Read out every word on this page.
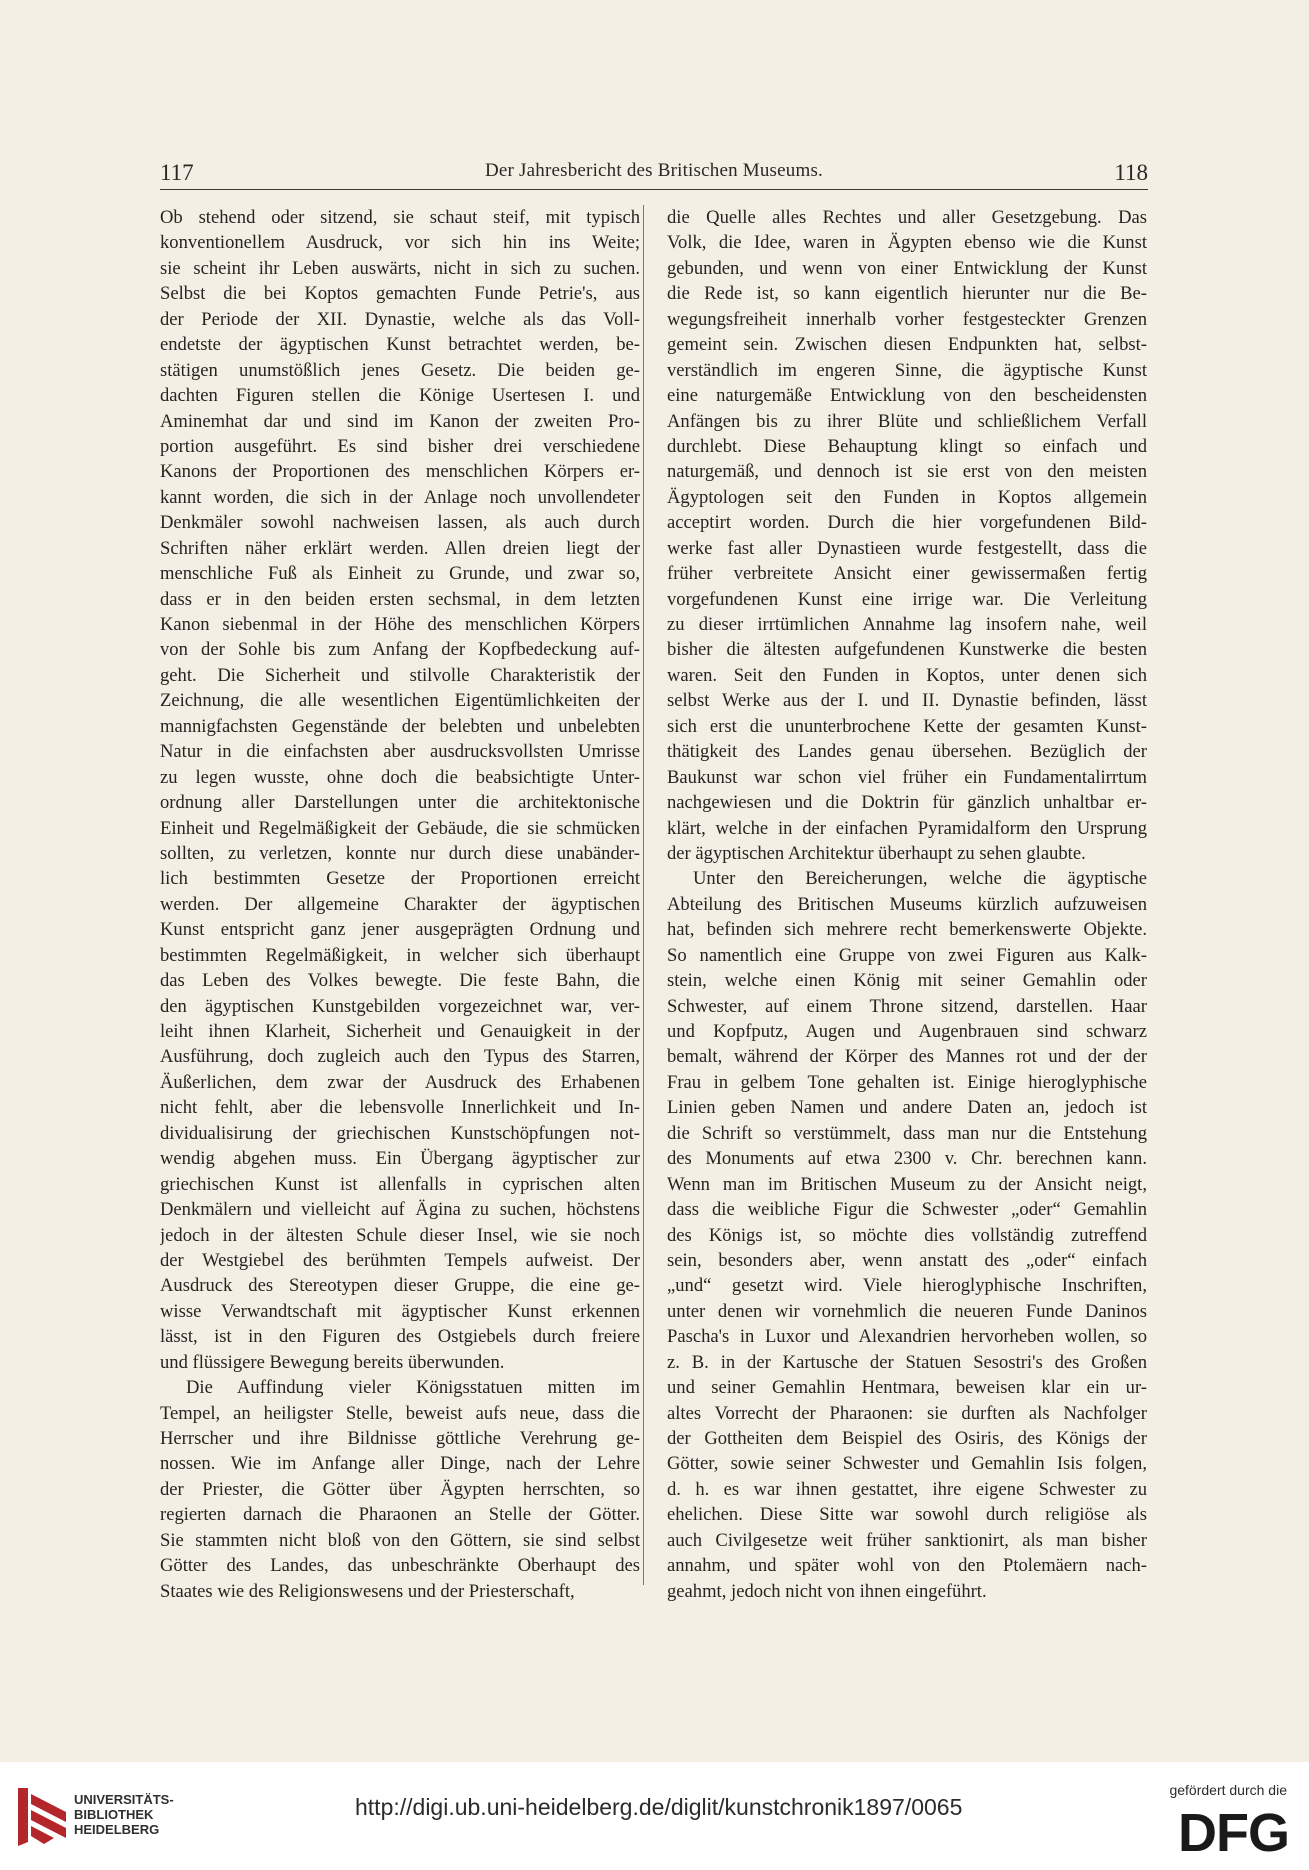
117	Der Jahresbericht des Britischen Museums.	118
Ob stehend oder sitzend, sie schaut steif, mit typisch
konventionellem Ausdruck, vor sich hin ins Weite;
sie scheint ihr Leben auswärts, nicht in sich zu suchen.
Selbst die bei Koptos gemachten Funde Petrie's, aus
der Periode der XII. Dynastie, welche als das Voll-
endetste der ägyptischen Kunst betrachtet werden, be-
stätigen unumstößlich jenes Gesetz. Die beiden ge-
dachten Figuren stellen die Könige Usertesen I. und
Aminemhat dar und sind im Kanon der zweiten Pro-
portion ausgeführt. Es sind bisher drei verschiedene
Kanons der Proportionen des menschlichen Körpers er-
kannt worden, die sich in der Anlage noch unvollendeter
Denkmäler sowohl nachweisen lassen, als auch durch
Schriften näher erklärt werden. Allen dreien liegt der
menschliche Fuß als Einheit zu Grunde, und zwar so,
dass er in den beiden ersten sechsmal, in dem letzten
Kanon siebenmal in der Höhe des menschlichen Körpers
von der Sohle bis zum Anfang der Kopfbedeckung auf-
geht. Die Sicherheit und stilvolle Charakteristik der
Zeichnung, die alle wesentlichen Eigentümlichkeiten der
mannigfachsten Gegenstände der belebten und unbelebten
Natur in die einfachsten aber ausdrucksvollsten Umrisse
zu legen wusste, ohne doch die beabsichtigte Unter-
ordnung aller Darstellungen unter die architektonische
Einheit und Regelmäßigkeit der Gebäude, die sie schmücken
sollten, zu verletzen, konnte nur durch diese unabänder-
lich bestimmten Gesetze der Proportionen erreicht
werden. Der allgemeine Charakter der ägyptischen
Kunst entspricht ganz jener ausgeprägten Ordnung und
bestimmten Regelmäßigkeit, in welcher sich überhaupt
das Leben des Volkes bewegte. Die feste Bahn, die
den ägyptischen Kunstgebilden vorgezeichnet war, ver-
leiht ihnen Klarheit, Sicherheit und Genauigkeit in der
Ausführung, doch zugleich auch den Typus des Starren,
Äußerlichen, dem zwar der Ausdruck des Erhabenen
nicht fehlt, aber die lebensvolle Innerlichkeit und In-
dividualisirung der griechischen Kunstschöpfungen not-
wendig abgehen muss. Ein Übergang ägyptischer zur
griechischen Kunst ist allenfalls in cyprischen alten
Denkmälern und vielleicht auf Ägina zu suchen, höchstens
jedoch in der ältesten Schule dieser Insel, wie sie noch
der Westgiebel des berühmten Tempels aufweist. Der
Ausdruck des Stereotypen dieser Gruppe, die eine ge-
wisse Verwandtschaft mit ägyptischer Kunst erkennen
lässt, ist in den Figuren des Ostgiebels durch freiere
und flüssigere Bewegung bereits überwunden.
Die Auffindung vieler Königsstatuen mitten im
Tempel, an heiligster Stelle, beweist aufs neue, dass die
Herrscher und ihre Bildnisse göttliche Verehrung ge-
nossen. Wie im Anfange aller Dinge, nach der Lehre
der Priester, die Götter über Ägypten herrschten, so
regierten darnach die Pharaonen an Stelle der Götter.
Sie stammten nicht bloß von den Göttern, sie sind selbst
Götter des Landes, das unbeschränkte Oberhaupt des
Staates wie des Religionswesens und der Priesterschaft,
die Quelle alles Rechtes und aller Gesetzgebung. Das
Volk, die Idee, waren in Ägypten ebenso wie die Kunst
gebunden, und wenn von einer Entwicklung der Kunst
die Rede ist, so kann eigentlich hierunter nur die Be-
wegungsfreiheit innerhalb vorher festgesteckter Grenzen
gemeint sein. Zwischen diesen Endpunkten hat, selbst-
verständlich im engeren Sinne, die ägyptische Kunst
eine naturgemäße Entwicklung von den bescheidensten
Anfängen bis zu ihrer Blüte und schließlichem Verfall
durchlebt. Diese Behauptung klingt so einfach und
naturgemäß, und dennoch ist sie erst von den meisten
Ägyptologen seit den Funden in Koptos allgemein
acceptirt worden. Durch die hier vorgefundenen Bild-
werke fast aller Dynastieen wurde festgestellt, dass die
früher verbreitete Ansicht einer gewissermaßen fertig
vorgefundenen Kunst eine irrige war. Die Verleitung
zu dieser irrtümlichen Annahme lag insofern nahe, weil
bisher die ältesten aufgefundenen Kunstwerke die besten
waren. Seit den Funden in Koptos, unter denen sich
selbst Werke aus der I. und II. Dynastie befinden, lässt
sich erst die ununterbrochene Kette der gesamten Kunst-
thätigkeit des Landes genau übersehen. Bezüglich der
Baukunst war schon viel früher ein Fundamentalirrtum
nachgewiesen und die Doktrin für gänzlich unhaltbar er-
klärt, welche in der einfachen Pyramidalform den Ursprung
der ägyptischen Architektur überhaupt zu sehen glaubte.
Unter den Bereicherungen, welche die ägyptische
Abteilung des Britischen Museums kürzlich aufzuweisen
hat, befinden sich mehrere recht bemerkenswerte Objekte.
So namentlich eine Gruppe von zwei Figuren aus Kalk-
stein, welche einen König mit seiner Gemahlin oder
Schwester, auf einem Throne sitzend, darstellen. Haar
und Kopfputz, Augen und Augenbrauen sind schwarz
bemalt, während der Körper des Mannes rot und der der
Frau in gelbem Tone gehalten ist. Einige hieroglyphische
Linien geben Namen und andere Daten an, jedoch ist
die Schrift so verstümmelt, dass man nur die Entstehung
des Monuments auf etwa 2300 v. Chr. berechnen kann.
Wenn man im Britischen Museum zu der Ansicht neigt,
dass die weibliche Figur die Schwester „oder“ Gemahlin
des Königs ist, so möchte dies vollständig zutreffend
sein, besonders aber, wenn anstatt des „oder“ einfach
„und“ gesetzt wird. Viele hieroglyphische Inschriften,
unter denen wir vornehmlich die neueren Funde Daninos
Pascha's in Luxor und Alexandrien hervorheben wollen, so
z. B. in der Kartusche der Statuen Sesostri's des Großen
und seiner Gemahlin Hentmara, beweisen klar ein ur-
altes Vorrecht der Pharaonen: sie durften als Nachfolger
der Gottheiten dem Beispiel des Osiris, des Königs der
Götter, sowie seiner Schwester und Gemahlin Isis folgen,
d. h. es war ihnen gestattet, ihre eigene Schwester zu
ehelichen. Diese Sitte war sowohl durch religiöse als
auch Civilgesetze weit früher sanktionirt, als man bisher
annahm, und später wohl von den Ptolemäern nach-
geahmt, jedoch nicht von ihnen eingeführt.
UNIVERSITÄTS-
BIBLIOTHEK
HEIDELBERG
http://digi.ub.uni-heidelberg.de/diglit/kunstchronik1897/0065
gefördert durch die
DFG
